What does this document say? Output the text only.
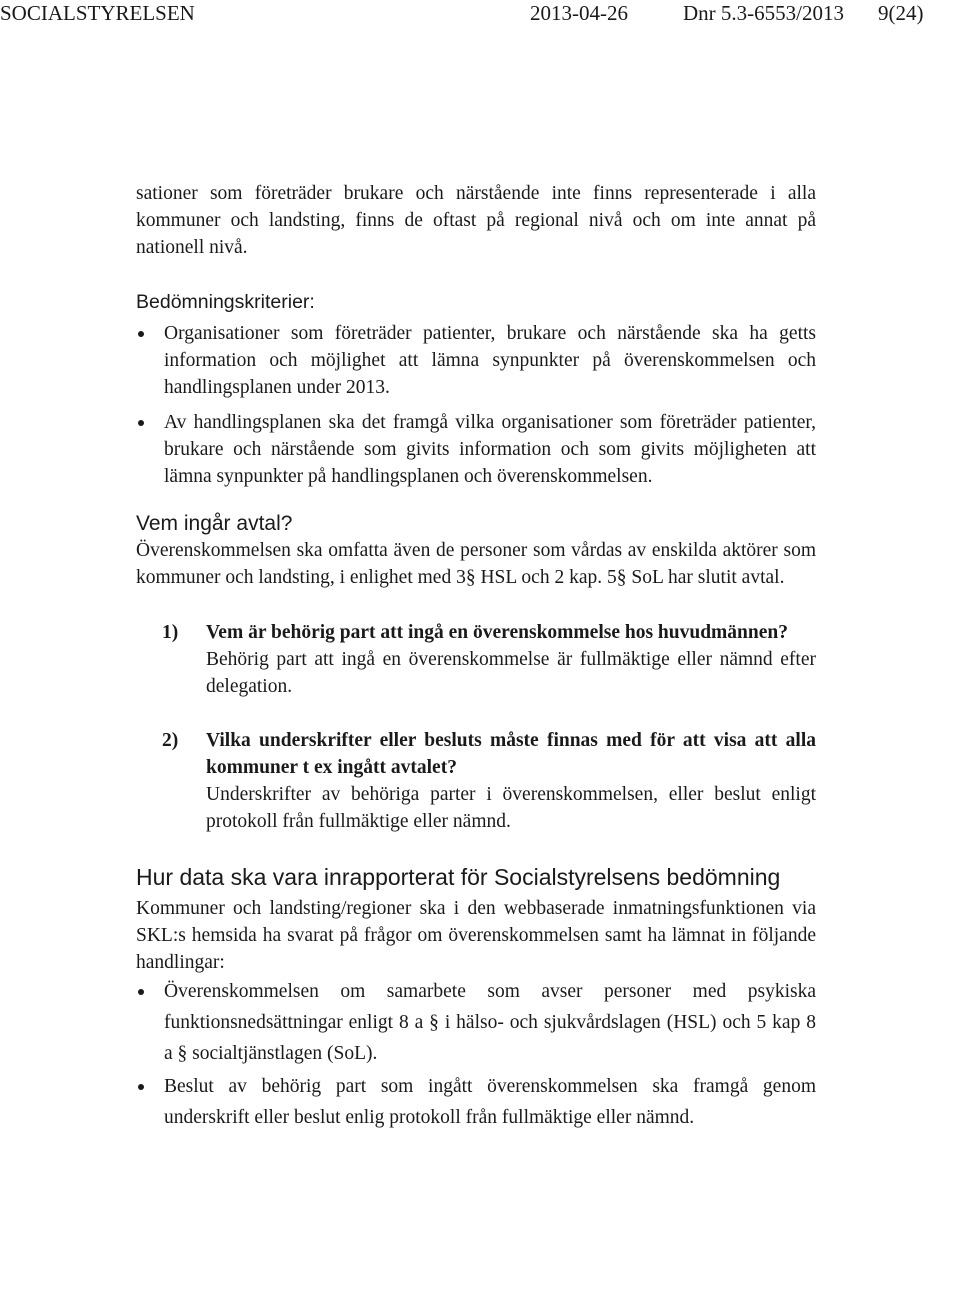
SOCIALSTYRELSEN	2013-04-26	Dnr 5.3-6553/2013 9(24)

sationer som företräder brukare och närstående inte finns representerade i alla kommuner och landsting, finns de oftast på regional nivå och om inte annat på nationell nivå.

Bedömningskriterier:

Organisationer som företräder patienter, brukare och närstående ska ha getts information och möjlighet att lämna synpunkter på överenskommelsen och handlingsplanen under 2013.
Av handlingsplanen ska det framgå vilka organisationer som företräder patienter, brukare och närstående som givits information och som givits möjligheten att lämna synpunkter på handlingsplanen och överenskommelsen.

Vem ingår avtal?

Överenskommelsen ska omfatta även de personer som vårdas av enskilda aktörer som kommuner och landsting, i enlighet med 3§ HSL och 2 kap. 5§ SoL har slutit avtal.

1) Vem är behörig part att ingå en överenskommelse hos huvudmännen?
Behörig part att ingå en överenskommelse är fullmäktige eller nämnd efter delegation.
2) Vilka underskrifter eller besluts måste finnas med för att visa att alla kommuner t ex ingått avtalet?
Underskrifter av behöriga parter i överenskommelsen, eller beslut enligt protokoll från fullmäktige eller nämnd.

Hur data ska vara inrapporterat för Socialstyrelsens bedömning

Kommuner och landsting/regioner ska i den webbaserade inmatningsfunktionen via SKL:s hemsida ha svarat på frågor om överenskommelsen samt ha lämnat in följande handlingar:

Överenskommelsen om samarbete som avser personer med psykiska funktionsnedsättningar enligt 8 a § i hälso- och sjukvårdslagen (HSL) och 5 kap 8 a § socialtjänstlagen (SoL).
Beslut av behörig part som ingått överenskommelsen ska framgå genom underskrift eller beslut enlig protokoll från fullmäktige eller nämnd.
